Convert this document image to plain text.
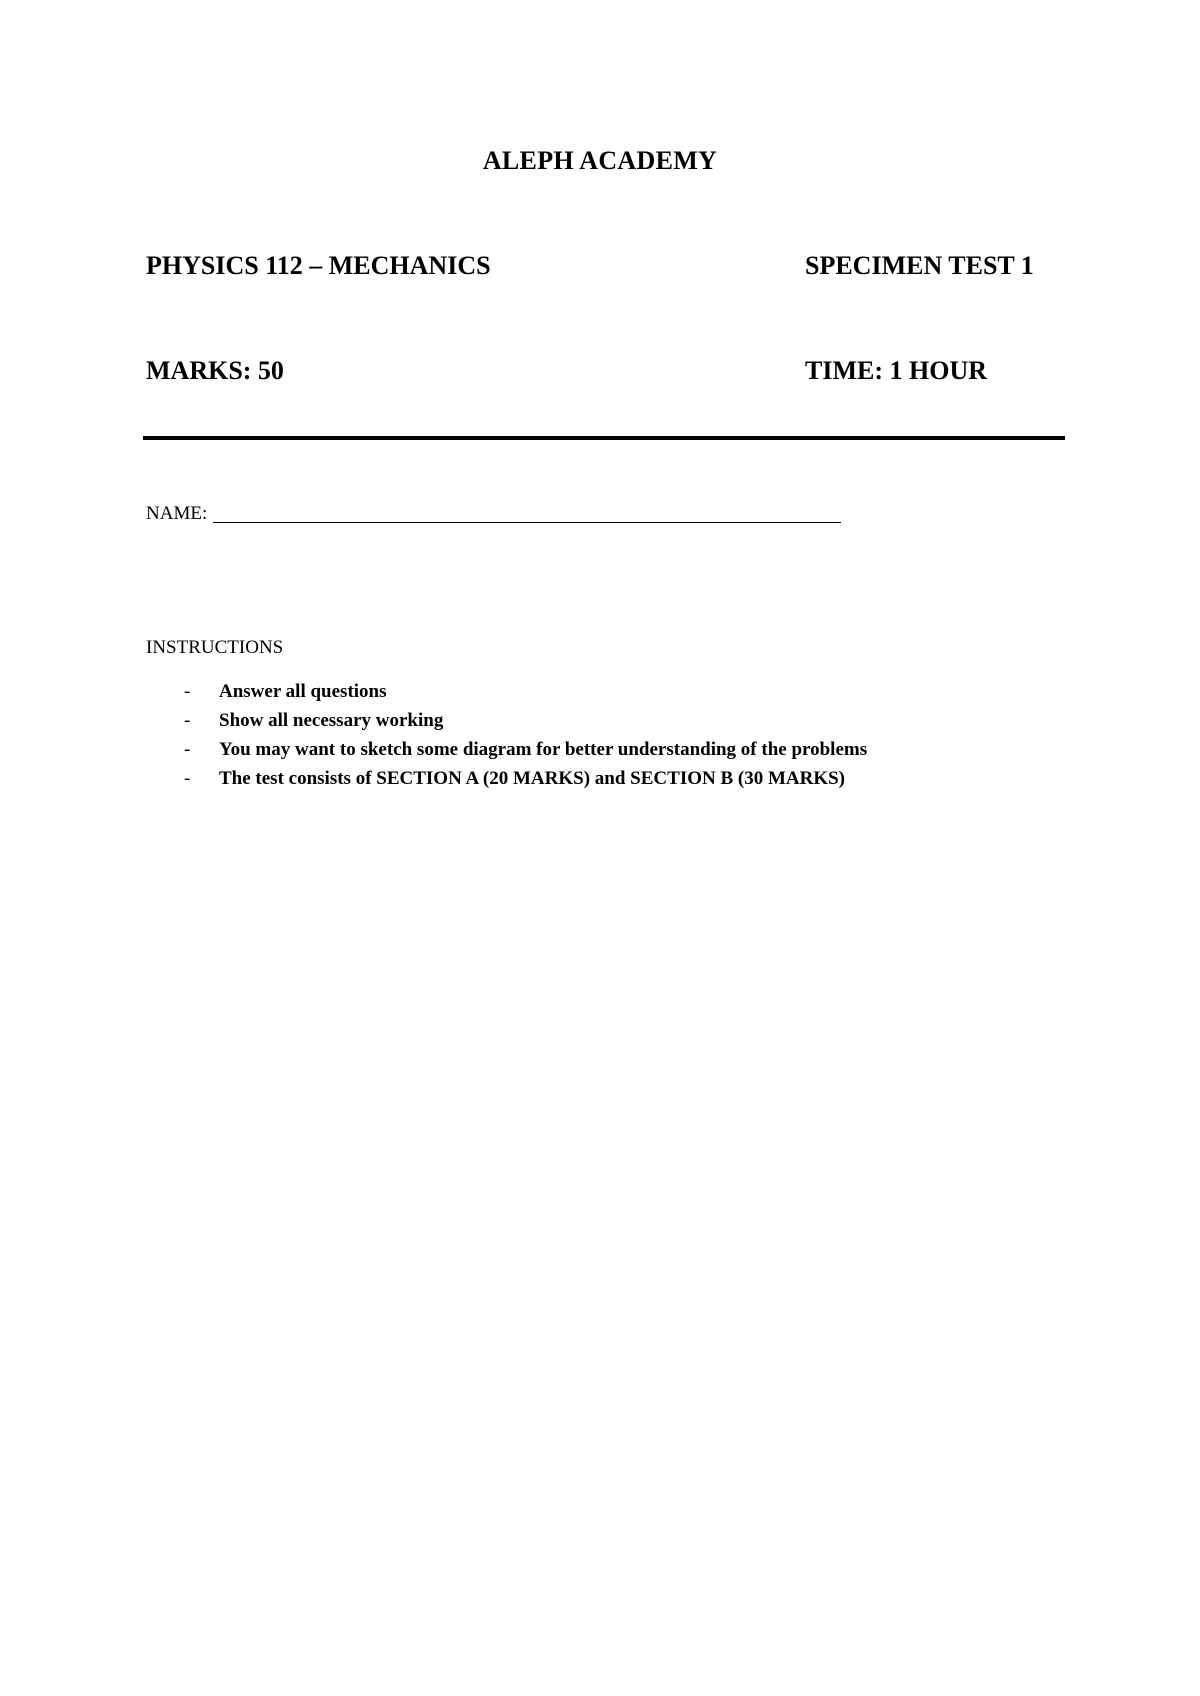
ALEPH ACADEMY
PHYSICS 112 – MECHANICS	SPECIMEN TEST 1
MARKS: 50	TIME: 1 HOUR
NAME:
INSTRUCTIONS
- Answer all questions
- Show all necessary working
- You may want to sketch some diagram for better understanding of the problems
- The test consists of SECTION A (20 MARKS) and SECTION B (30 MARKS)
